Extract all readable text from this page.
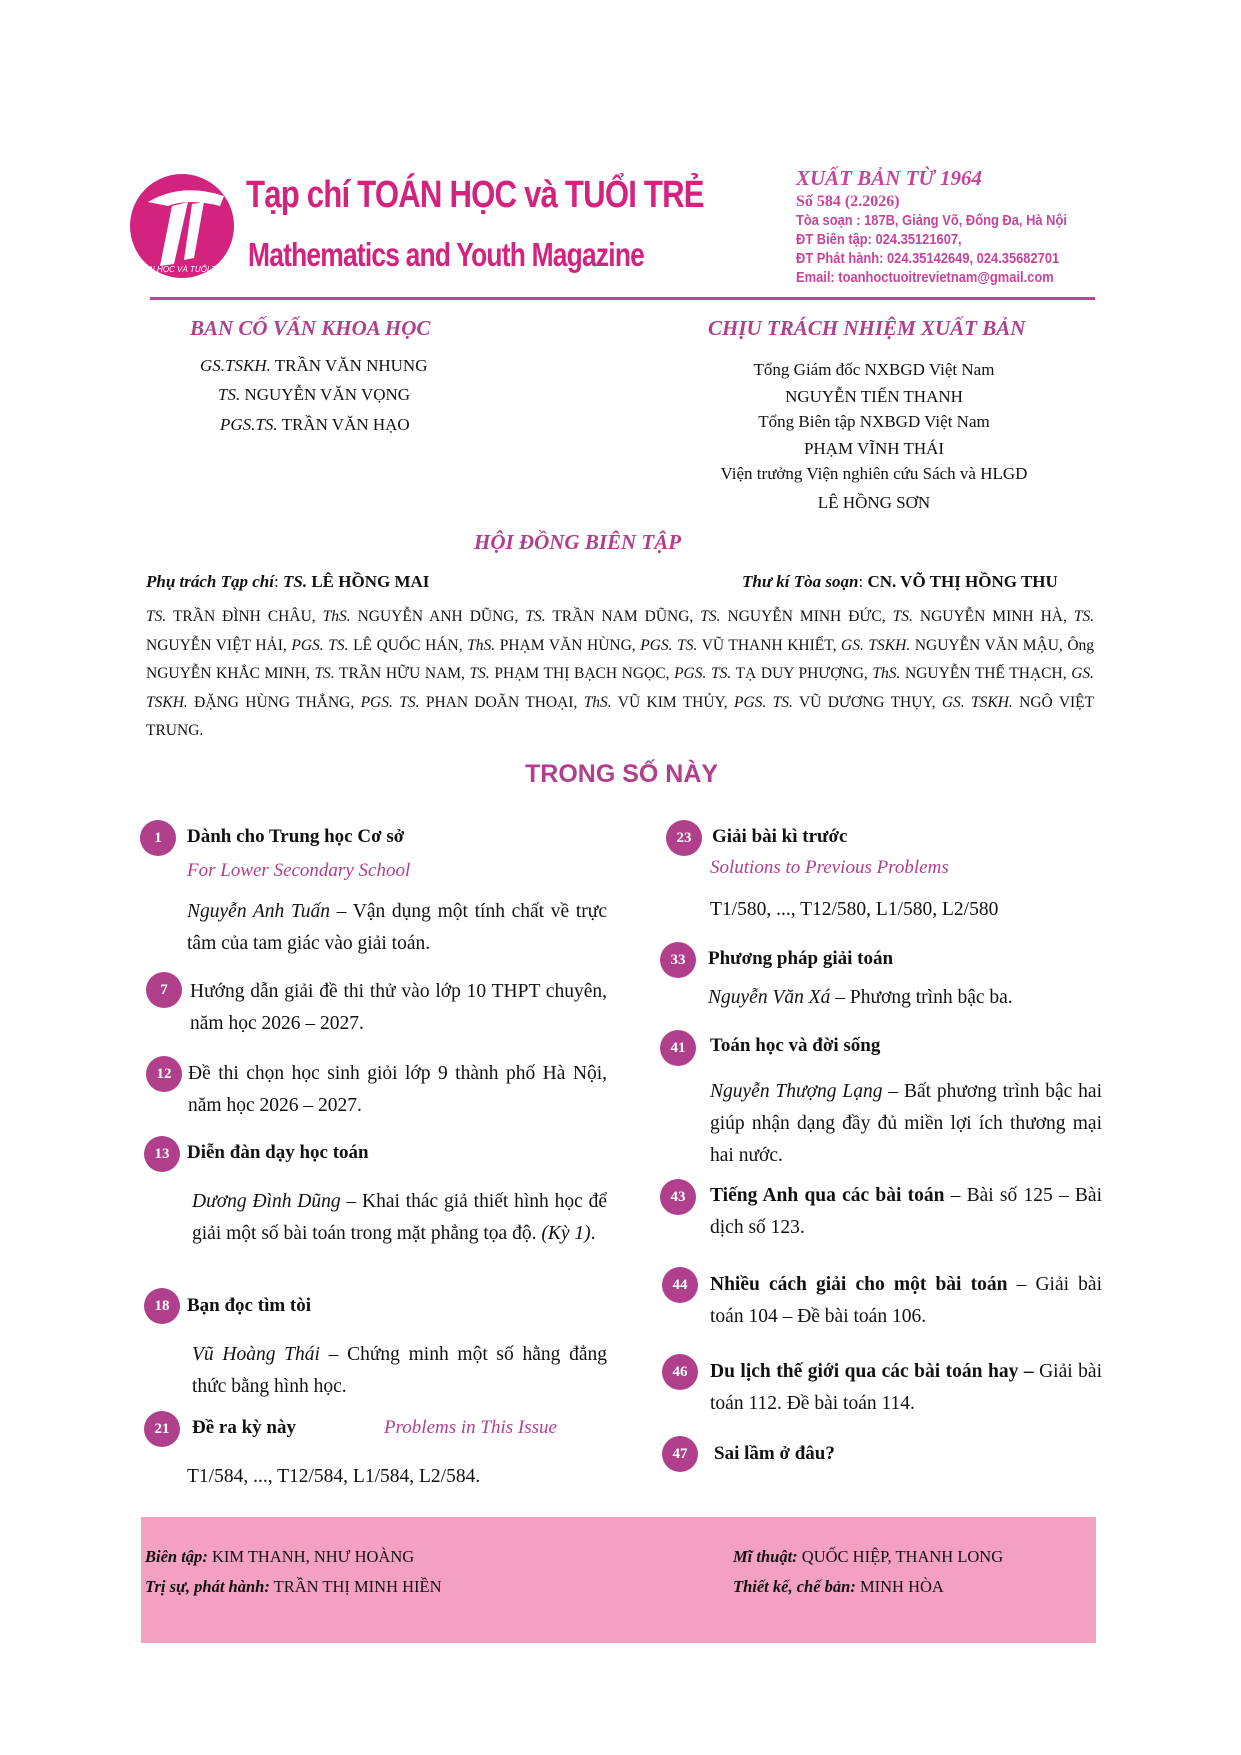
TOÁN HỌC VÀ TUỔI TRẺ
Tạp chí TOÁN HỌC và TUỔI TRẺ
Mathematics and Youth Magazine
XUẤT BẢN TỪ 1964
Số 584 (2.2026)
Tòa soạn : 187B, Giảng Võ, Đống Đa, Hà Nội
ĐT Biên tập: 024.35121607,
ĐT Phát hành: 024.35142649, 024.35682701
Email: toanhoctuoitrevietnam@gmail.com
BAN CỐ VẤN KHOA HỌC
GS.TSKH. TRẦN VĂN NHUNG
TS. NGUYỄN VĂN VỌNG
PGS.TS. TRẦN VĂN HẠO
CHỊU TRÁCH NHIỆM XUẤT BẢN
Tổng Giám đốc NXBGD Việt Nam
NGUYỄN TIẾN THANH
Tổng Biên tập NXBGD Việt Nam
PHẠM VĨNH THÁI
Viện trưởng Viện nghiên cứu Sách và HLGD
LÊ HỒNG SƠN
HỘI ĐỒNG BIÊN TẬP
Phụ trách Tạp chí: TS. LÊ HỒNG MAI	Thư kí Tòa soạn: CN. VÕ THỊ HỒNG THU
TS. TRẦN ĐÌNH CHÂU, ThS. NGUYỄN ANH DŨNG, TS. TRẦN NAM DŨNG, TS. NGUYỄN MINH ĐỨC, TS. NGUYỄN MINH HÀ, TS. NGUYỄN VIỆT HẢI, PGS. TS. LÊ QUỐC HÁN, ThS. PHẠM VĂN HÙNG, PGS. TS. VŨ THANH KHIẾT, GS. TSKH. NGUYỄN VĂN MẬU, Ông NGUYỄN KHẮC MINH, TS. TRẦN HỮU NAM, TS. PHẠM THỊ BẠCH NGỌC, PGS. TS. TẠ DUY PHƯỢNG, ThS. NGUYỄN THẾ THẠCH, GS. TSKH. ĐẶNG HÙNG THẮNG, PGS. TS. PHAN DOÃN THOẠI, ThS. VŨ KIM THỦY, PGS. TS. VŨ DƯƠNG THỤY, GS. TSKH. NGÔ VIỆT TRUNG.
TRONG SỐ NÀY
1	Dành cho Trung học Cơ sở
For Lower Secondary School
Nguyễn Anh Tuấn – Vận dụng một tính chất về trực tâm của tam giác vào giải toán.
7	Hướng dẫn giải đề thi thử vào lớp 10 THPT chuyên, năm học 2026 – 2027.
12 Đề thi chọn học sinh giỏi lớp 9 thành phố Hà Nội, năm học 2026 – 2027.
13 Diễn đàn dạy học toán
Dương Đình Dũng – Khai thác giả thiết hình học để giải một số bài toán trong mặt phẳng tọa độ. (Kỳ 1).
18 Bạn đọc tìm tòi
Vũ Hoàng Thái – Chứng minh một số hằng đẳng thức bằng hình học.
21	Đề ra kỳ này	Problems in This Issue
T1/584, ..., T12/584, L1/584, L2/584.
23	Giải bài kì trước
Solutions to Previous Problems
T1/580, ..., T12/580, L1/580, L2/580
33	Phương pháp giải toán
Nguyễn Văn Xá – Phương trình bậc ba.
41	Toán học và đời sống
Nguyễn Thượng Lạng – Bất phương trình bậc hai giúp nhận dạng đầy đủ miền lợi ích thương mại hai nước.
43	Tiếng Anh qua các bài toán – Bài số 125 – Bài dịch số 123.
44	Nhiều cách giải cho một bài toán – Giải bài toán 104 – Đề bài toán 106.
46	Du lịch thế giới qua các bài toán hay – Giải bài toán 112. Đề bài toán 114.
47	Sai lầm ở đâu?
Biên tập: KIM THANH, NHƯ HOÀNG
Trị sự, phát hành: TRẦN THỊ MINH HIỀN
Mĩ thuật: QUỐC HIỆP, THANH LONG
Thiết kế, chế bản: MINH HÒA
